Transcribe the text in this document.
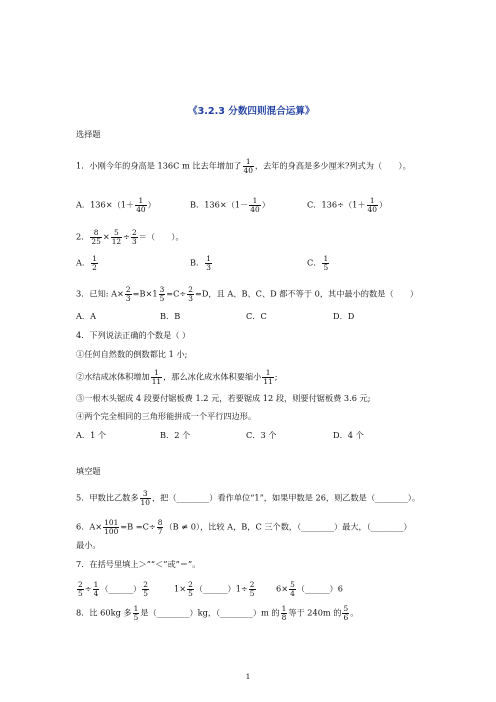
《3.2.3 分数四则混合运算》
选择题
1．小刚今年的身高是 136C m 比去年增加了 $\frac{1}{40}$ ，去年的身高是多少厘米?列式为（　　）。
A．$136\times(1+ \frac{1}{40}$ ）	B．$136\times(1- \frac{1}{40}$ ）	C．$136\div(1+ \frac{1}{40}$ ）
2． $\frac{8}{25} \times \frac{5}{12} \div \frac{2}{3}$ ＝（　　）。
A． $\frac{1}{2}$	B． $\frac{1}{3}$	C． $\frac{1}{5}$
3．已知: $A\times \frac{2}{3} =B\times 1 \frac{3}{5} =C\div \frac{2}{3} =D$，且 A、B、C、D 都不等于 0，其中最小的数是（　　）
A．A	B．B	C．C	D．D
4．下列说法正确的个数是（ ）
①任何自然数的倒数都比 1 小;
②水结成冰体积增加 $\frac{1}{11}$ ，那么冰化成水体积要缩小 $\frac{1}{11}$ ;
③一根木头锯成 4 段要付锯板费 1.2 元，若要锯成 12 段，则要付锯板费 3.6 元;
④两个完全相同的三角形能拼成一个平行四边形。
A．1 个	B．2 个	C．3 个	D．4 个
填空题
5．甲数比乙数多 $\frac{3}{10}$ ，把（________）看作单位“1”，如果甲数是 26，则乙数是（________）。
6．$A\times \frac{101}{100} =B =C\div \frac{8}{7} (B \ne 0)$，比较 A，B，C 三个数，（________）最大，（________）
最小。
7．在括号里填上＞”“＜”或”＝”。
$\frac{2}{5} \div \frac{1}{4}$ （______） $\frac{2}{5}$	$1\times \frac{2}{5}$ （______）1÷ $\frac{2}{5}$	$6\times \frac{5}{4}$ （______）6
8．比 60kg 多 $\frac{1}{5}$ 是（________）kg，（________）m 的 $\frac{1}{8}$ 等于 240m 的 $\frac{5}{6}$ 。
1
